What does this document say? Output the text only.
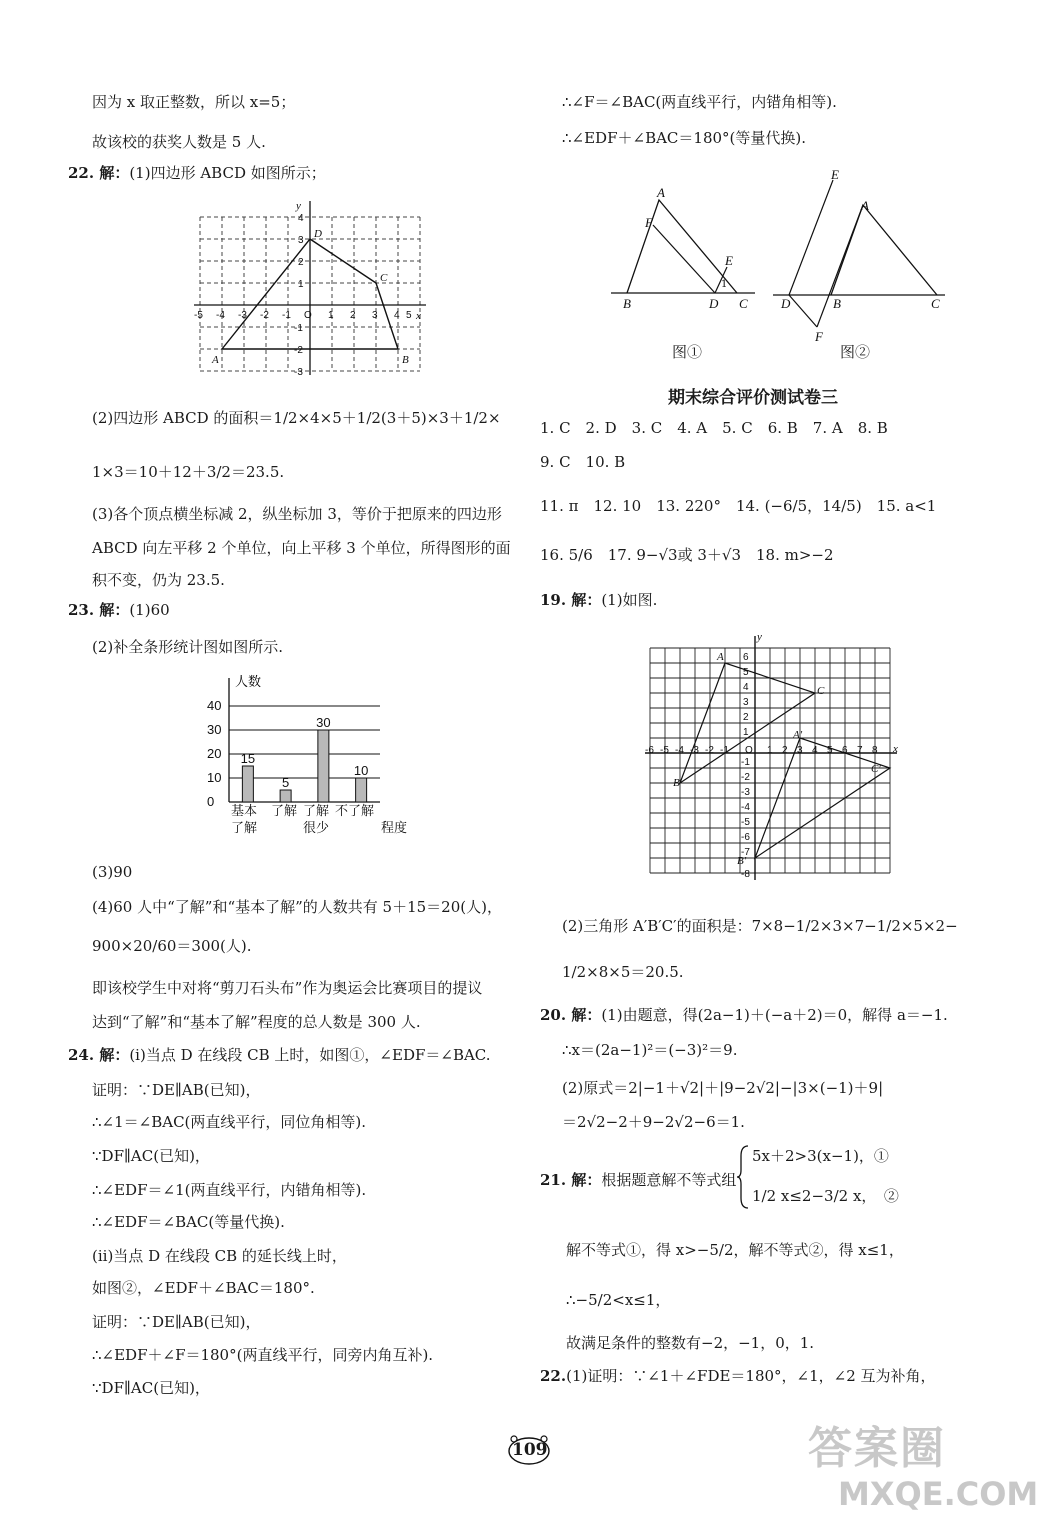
因为 x 取正整数，所以 x=5；
故该校的获奖人数是 5 人.
22. 解：(1)四边形 ABCD 如图所示；
x
y
A	B
C
D
-5 -4 -3 -2 -1 O 1 2 3 4 5
4
3
2
1
-1
-2
-3
(2)四边形 ABCD 的面积＝1/2×4×5＋1/2(3＋5)×3＋1/2×
1×3＝10＋12＋3/2＝23.5.
(3)各个顶点横坐标减 2，纵坐标加 3，等价于把原来的四边形
ABCD 向左平移 2 个单位，向上平移 3 个单位，所得图形的面
积不变，仍为 23.5.
23. 解：(1)60
(2)补全条形统计图如图所示.
0
10
20
30
40
15
5
30
10
人数
基本
了解
了解 了解
很少
不了解
程度
(3)90
(4)60 人中“了解”和“基本了解”的人数共有 5＋15＝20(人)，
900×20/60＝300(人).
即该校学生中对将“剪刀石头布”作为奥运会比赛项目的提议
达到“了解”和“基本了解”程度的总人数是 300 人.
24. 解：(ⅰ)当点 D 在线段 CB 上时，如图①，∠EDF＝∠BAC.
证明：∵DE∥AB(已知)，
∴∠1＝∠BAC(两直线平行，同位角相等).
∵DF∥AC(已知)，
∴∠EDF＝∠1(两直线平行，内错角相等).
∴∠EDF＝∠BAC(等量代换).
(ⅱ)当点 D 在线段 CB 的延长线上时，
如图②，∠EDF＋∠BAC＝180°.
证明：∵DE∥AB(已知)，
∴∠EDF＋∠F＝180°(两直线平行，同旁内角互补).
∵DF∥AC(已知)，
∴∠F＝∠BAC(两直线平行，内错角相等).
∴∠EDF＋∠BAC＝180°(等量代换).
A
F
E
B	D C
E
A
D	B	C
F
1
图①	图②
期末综合评价测试卷三
1. C　2. D　3. C　4. A　5. C　6. B　7. A　8. B
9. C　10. B
11. π　12. 10　13. 220°　14. (−6/5，14/5)　15. a<1
16. 5/6　17. 9−√3或 3＋√3　18. m>−2
19. 解：(1)如图.
x
y
A
B
C
A′
B′
C′
-6 -5 -4 -3 -2 -1 O 1 2 3 4 5 6 7 8
6
5
4
3
2
1
-1
-2
-3
-4
-5
-6
-7
-8
(2)三角形 A′B′C′的面积是：7×8−1/2×3×7−1/2×5×2−
1/2×8×5＝20.5.
20. 解：(1)由题意，得(2a−1)＋(−a＋2)＝0，解得 a＝−1.
∴x＝(2a−1)²＝(−3)²＝9.
(2)原式＝2|−1＋√2|＋|9−2√2|−|3×(−1)＋9|
＝2√2−2＋9−2√2−6＝1.
21. 解：根据题意解不等式组
5x＋2>3(x−1)，①
1/2 x≤2−3/2 x，　②
解不等式①，得 x>−5/2，解不等式②，得 x≤1，
∴−5/2<x≤1，
故满足条件的整数有−2，−1，0，1.
22.(1)证明：∵∠1＋∠FDE＝180°，∠1，∠2 互为补角，
109	答案圈
MXQE.COM
